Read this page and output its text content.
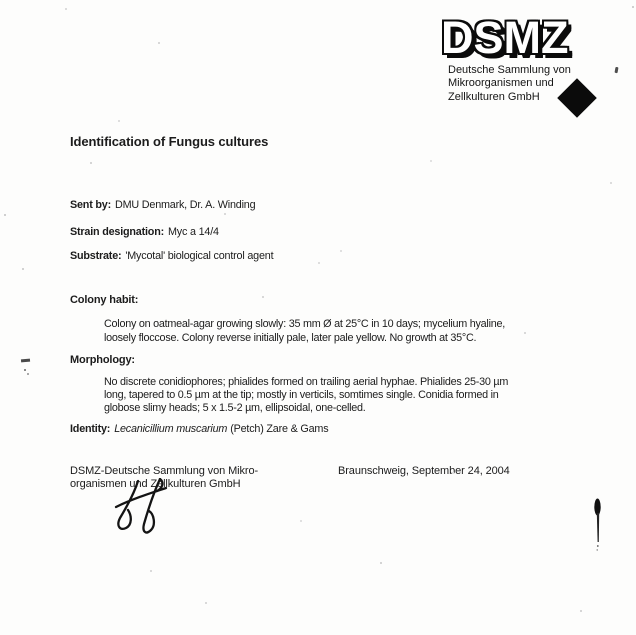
DSMZ
Deutsche Sammlung von
Mikroorganismen und
Zellkulturen GmbH
Identification of Fungus cultures
Sent by: DMU Denmark, Dr. A. Winding
Strain designation: Myc a 14/4
Substrate: 'Mycotal' biological control agent
Colony habit:
Colony on oatmeal-agar growing slowly: 35 mm Ø at 25°C in 10 days; mycelium hyaline,
loosely floccose. Colony reverse initially pale, later pale yellow. No growth at 35°C.
Morphology:
No discrete conidiophores; phialides formed on trailing aerial hyphae. Phialides 25-30 µm
long, tapered to 0.5 µm at the tip; mostly in verticils, somtimes single. Conidia formed in
globose slimy heads; 5 x 1.5-2 µm, ellipsoidal, one-celled.
Identity: Lecanicillium muscarium (Petch) Zare & Gams
DSMZ-Deutsche Sammlung von Mikro-
organismen und Zellkulturen GmbH
Braunschweig, September 24, 2004
